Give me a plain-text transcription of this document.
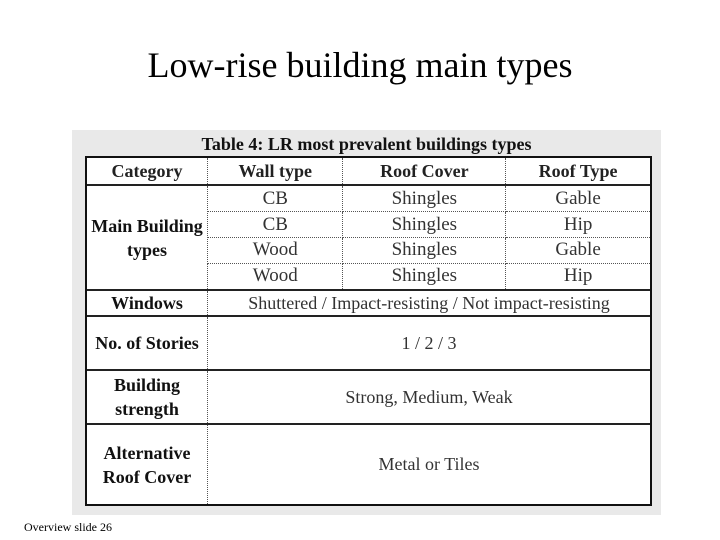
Low-rise building main types
Table 4: LR most prevalent buildings types
Category	Wall type	Roof Cover	Roof Type
Main Building types	CB	Shingles	Gable
	CB	Shingles	Hip
	Wood	Shingles	Gable
	Wood	Shingles	Hip
Windows	Shuttered / Impact-resisting / Not impact-resisting		
No. of Stories	1 / 2 / 3		
Building strength	Strong, Medium, Weak		
Alternative Roof Cover	Metal or Tiles		
Overview slide 26
